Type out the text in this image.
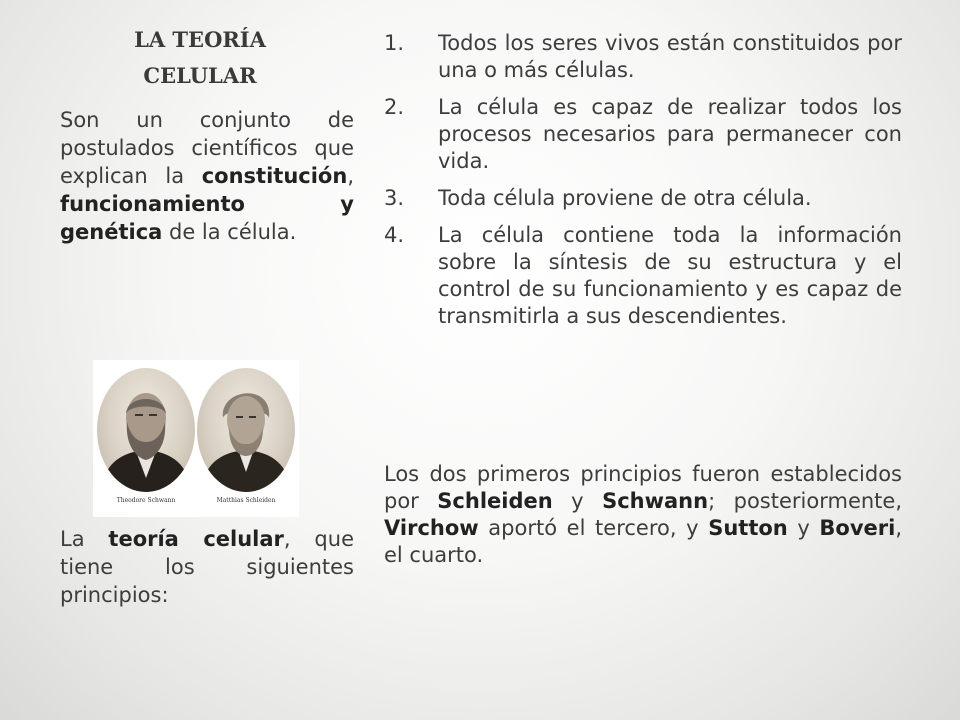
LA TEORÍA
CELULAR

Son un conjunto de postulados científicos que explican la constitución, funcionamiento y genética de la célula.

Theodore Schwann	Matthias Schleiden

La teoría celular, que tiene los siguientes principios:

1.	Todos los seres vivos están constituidos por una o más células.
2.	La célula es capaz de realizar todos los procesos necesarios para permanecer con vida.
3.	Toda célula proviene de otra célula.
4.	La célula contiene toda la información sobre la síntesis de su estructura y el control de su funcionamiento y es capaz de transmitirla a sus descendientes.

Los dos primeros principios fueron establecidos por Schleiden y Schwann; posteriormente, Virchow aportó el tercero, y Sutton y Boveri, el cuarto.
